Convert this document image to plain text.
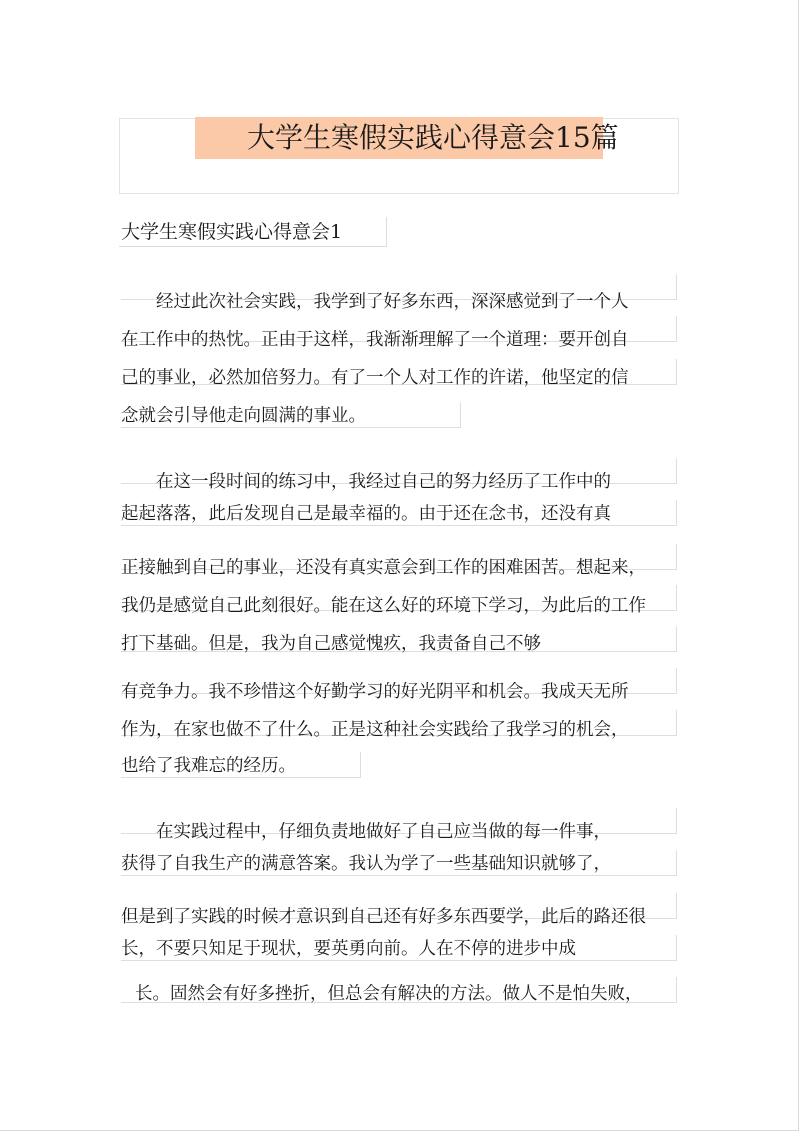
大学生寒假实践心得意会15篇
大学生寒假实践心得意会1
经过此次社会实践，我学到了好多东西，深深感觉到了一个人
在工作中的热忱。正由于这样，我渐渐理解了一个道理：要开创自
己的事业，必然加倍努力。有了一个人对工作的许诺，他坚定的信
念就会引导他走向圆满的事业。
在这一段时间的练习中，我经过自己的努力经历了工作中的
起起落落，此后发现自己是最幸福的。由于还在念书，还没有真
正接触到自己的事业，还没有真实意会到工作的困难困苦。想起来，
我仍是感觉自己此刻很好。能在这么好的环境下学习，为此后的工作
打下基础。但是，我为自己感觉愧疚，我责备自己不够
有竞争力。我不珍惜这个好勤学习的好光阴平和机会。我成天无所
作为，在家也做不了什么。正是这种社会实践给了我学习的机会，
也给了我难忘的经历。
在实践过程中，仔细负责地做好了自己应当做的每一件事，
获得了自我生产的满意答案。我认为学了一些基础知识就够了，
但是到了实践的时候才意识到自己还有好多东西要学，此后的路还很
长，不要只知足于现状，要英勇向前。人在不停的进步中成
长。固然会有好多挫折，但总会有解决的方法。做人不是怕失败，
